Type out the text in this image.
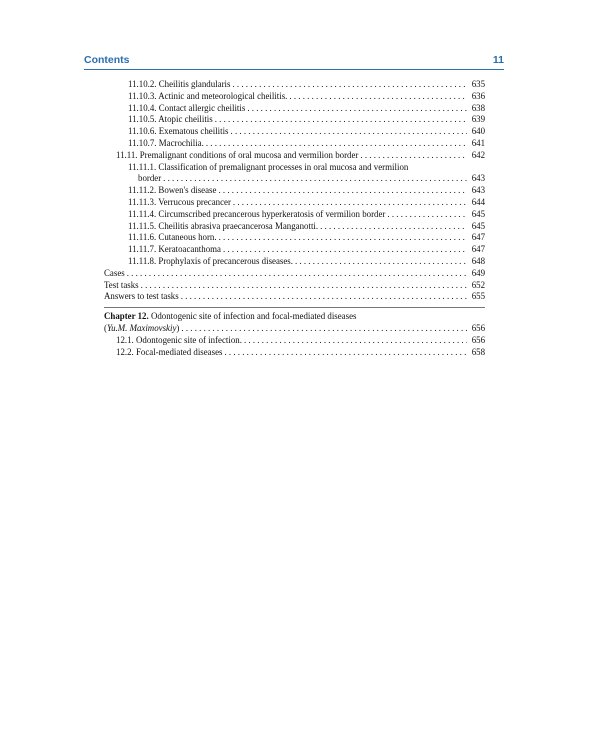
Contents	11
11.10.2. Cheilitis glandularis . . .	635
11.10.3. Actinic and meteorological cheilitis. . . .	636
11.10.4. Contact allergic cheilitis . . .	638
11.10.5. Atopic cheilitis . . .	639
11.10.6. Exematous cheilitis . . .	640
11.10.7. Macrochilia. . . .	641
11.11. Premalignant conditions of oral mucosa and vermilion border . . .	642
11.11.1. Classification of premalignant processes in oral mucosa and vermilion
border . . .	643
11.11.2. Bowen's disease . . .	643
11.11.3. Verrucous precancer . . .	644
11.11.4. Circumscribed precancerous hyperkeratosis of vermilion border . . .	645
11.11.5. Cheilitis abrasiva praecancerosa Manganotti. . . .	645
11.11.6. Cutaneous horn. . . .	647
11.11.7. Keratoacanthoma . . .	647
11.11.8. Prophylaxis of precancerous diseases. . . .	648
Cases . . .	649
Test tasks . . .	652
Answers to test tasks . . .	655
Chapter 12. Odontogenic site of infection and focal-mediated diseases
(Yu.M. Maximovskiy) . . .	656
12.1. Odontogenic site of infection. . . .	656
12.2. Focal-mediated diseases . . .	658
